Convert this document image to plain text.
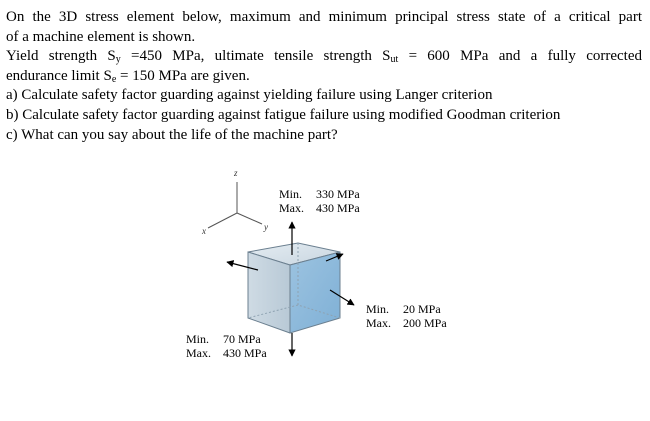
On the 3D stress element below, maximum and minimum principal stress state of a critical part

of a machine element is shown.

Yield strength $S_y =450$ MPa, ultimate tensile strength $S_{ut} = 600$ MPa and a fully corrected

endurance limit $S_e = 150$ MPa are given.

a) Calculate safety factor guarding against yielding failure using Langer criterion

b) Calculate safety factor guarding against fatigue failure using modified Goodman criterion

c) What can you say about the life of the machine part?

z
x	y
Min. 330 MPa
Max. 430 MPa
Min. 20 MPa
Max. 200 MPa
Min. 70 MPa
Max. 430 MPa
